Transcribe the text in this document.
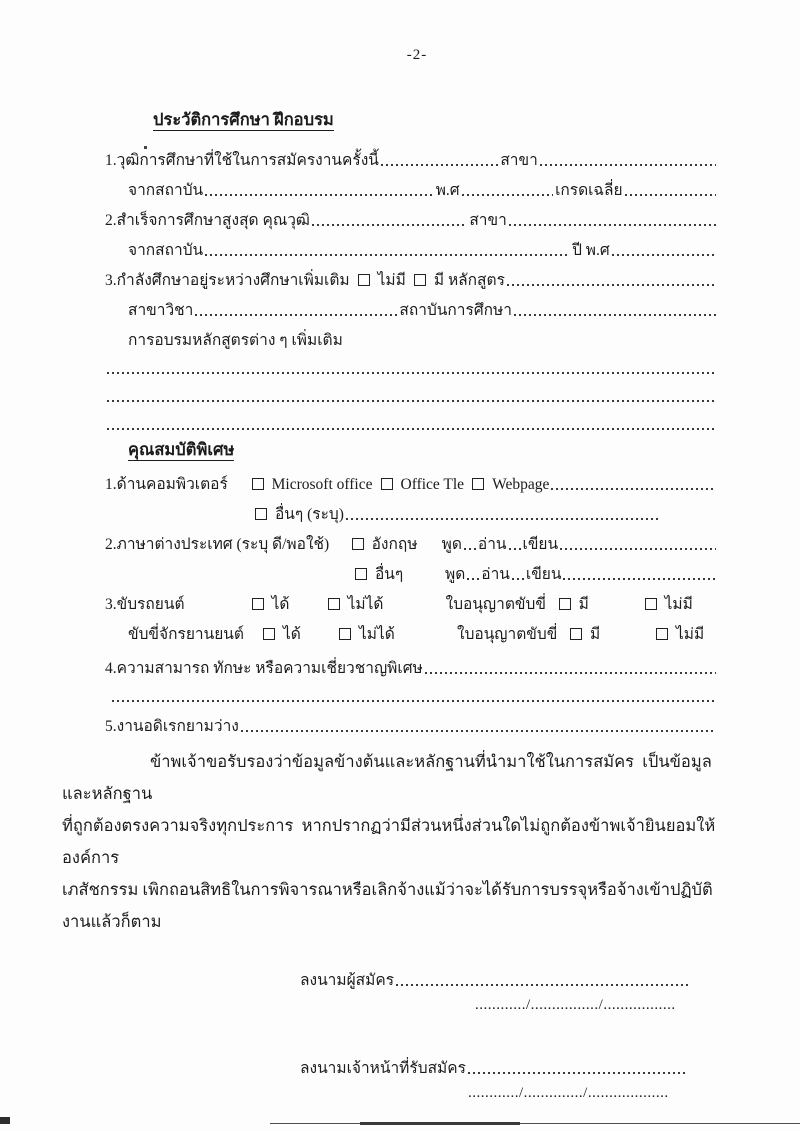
-2-
ประวัติการศึกษา ฝึกอบรม
1. วุฒิการศึกษาที่ใช้ในการสมัครงานครั้งนี้	สาขา
จากสถาบัน	พ.ศ	เกรดเฉลี่ย
2. สำเร็จการศึกษาสูงสุด คุณวุฒิ	สาขา
จากสถาบัน	ปี พ.ศ
3. กำลังศึกษาอยู่ระหว่างศึกษาเพิ่มเติม ไม่มี มี หลักสูตร
สาขาวิชา	สถาบันการศึกษา
การอบรมหลักสูตรต่าง ๆ เพิ่มเติม
คุณสมบัติพิเศษ
1. ด้านคอมพิวเตอร์	Microsoft office Office Tle Webpage
อื่นๆ (ระบุ)
2. ภาษาต่างประเทศ (ระบุ ดี/พอใช้)	อังกฤษ	พูด อ่าน เขียน
อื่นๆ	พูด อ่าน เขียน
3. ขับรถยนต์	ได้	ไม่ได้	ใบอนุญาตขับขี่	มี	ไม่มี
ขับขี่จักรยานยนต์	ได้	ไม่ได้	ใบอนุญาตขับขี่	มี	ไม่มี
4. ความสามารถ ทักษะ หรือความเชี่ยวชาญพิเศษ
5. งานอดิเรกยามว่าง
ข้าพเจ้าขอรับรองว่าข้อมูลข้างต้นและหลักฐานที่นำมาใช้ในการสมัคร  เป็นข้อมูลและหลักฐาน
ที่ถูกต้องตรงความจริงทุกประการ  หากปรากฏว่ามีส่วนหนึ่งส่วนใดไม่ถูกต้องข้าพเจ้ายินยอมให้องค์การ
เภสัชกรรม เพิกถอนสิทธิในการพิจารณาหรือเลิกจ้างแม้ว่าจะได้รับการบรรจุหรือจ้างเข้าปฏิบัติงานแล้วก็ตาม
ลงนามผู้สมัคร
............/................/.................
ลงนามเจ้าหน้าที่รับสมัคร
............/............../...................
